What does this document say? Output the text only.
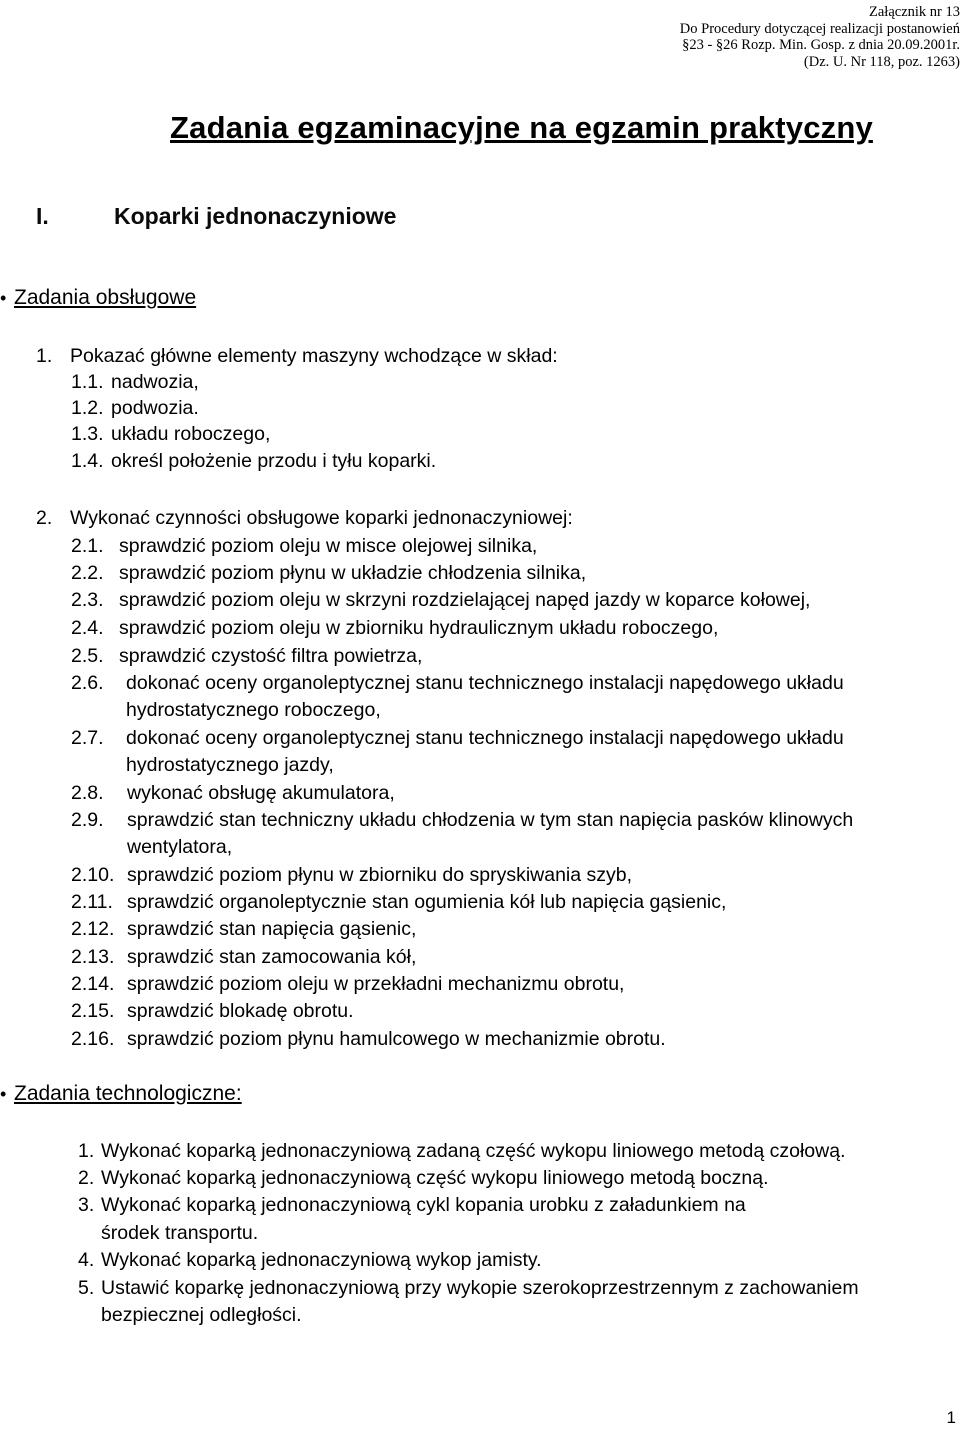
Załącznik nr 13
Do Procedury dotyczącej realizacji postanowień
§23 - §26 Rozp. Min. Gosp. z dnia 20.09.2001r.
(Dz. U. Nr 118, poz. 1263)
Zadania egzaminacyjne na egzamin praktyczny
I.	Koparki jednonaczyniowe
• Zadania obsługowe
1. Pokazać główne elementy maszyny wchodzące w skład:
1.1. nadwozia,
1.2. podwozia.
1.3. układu roboczego,
1.4. określ położenie przodu i tyłu koparki.
2. Wykonać czynności obsługowe koparki jednonaczyniowej:
2.1. sprawdzić poziom oleju w misce olejowej silnika,
2.2. sprawdzić poziom płynu w układzie chłodzenia silnika,
2.3. sprawdzić poziom oleju w skrzyni rozdzielającej napęd jazdy w koparce kołowej,
2.4. sprawdzić poziom oleju w zbiorniku hydraulicznym układu roboczego,
2.5. sprawdzić czystość filtra powietrza,
2.6. dokonać oceny organoleptycznej stanu technicznego instalacji napędowego układu
hydrostatycznego roboczego,
2.7. dokonać oceny organoleptycznej stanu technicznego instalacji napędowego układu
hydrostatycznego jazdy,
2.8. wykonać obsługę akumulatora,
2.9. sprawdzić stan techniczny układu chłodzenia w tym stan napięcia pasków klinowych
wentylatora,
2.10. sprawdzić poziom płynu w zbiorniku do spryskiwania szyb,
2.11. sprawdzić organoleptycznie stan ogumienia kół lub napięcia gąsienic,
2.12. sprawdzić stan napięcia gąsienic,
2.13. sprawdzić stan zamocowania kół,
2.14. sprawdzić poziom oleju w przekładni mechanizmu obrotu,
2.15. sprawdzić blokadę obrotu.
2.16. sprawdzić poziom płynu hamulcowego w mechanizmie obrotu.
• Zadania technologiczne:
1. Wykonać koparką jednonaczyniową zadaną część wykopu liniowego metodą czołową.
2. Wykonać koparką jednonaczyniową część wykopu liniowego metodą boczną.
3. Wykonać koparką jednonaczyniową cykl kopania urobku z załadunkiem na
środek transportu.
4. Wykonać koparką jednonaczyniową wykop jamisty.
5. Ustawić koparkę jednonaczyniową przy wykopie szerokoprzestrzennym z zachowaniem
bezpiecznej odległości.
1
